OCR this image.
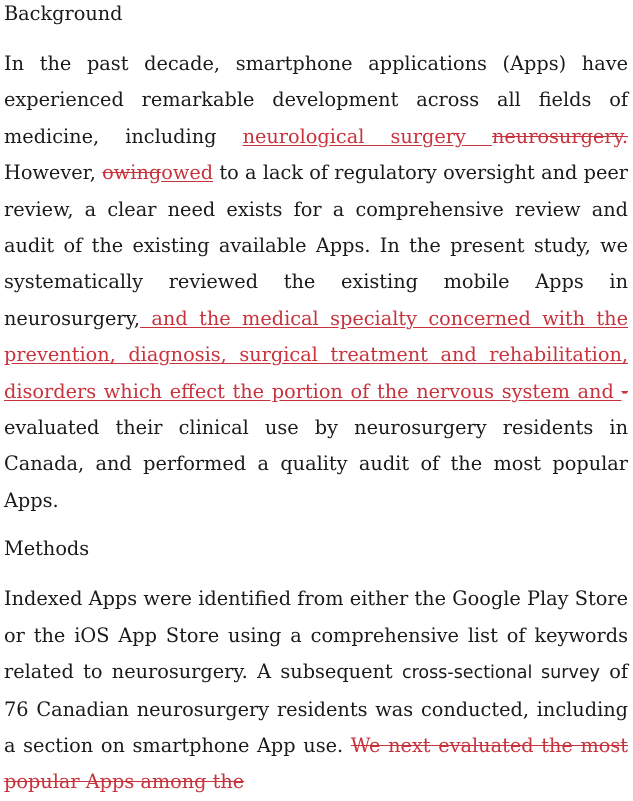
Background

In the past decade, smartphone applications (Apps) have experienced remarkable development across all fields of medicine, including neurological surgery neurosurgery. However, owingowed to a lack of regulatory oversight and peer review, a clear need exists for a comprehensive review and audit of the existing available Apps. In the present study, we systematically reviewed the existing mobile Apps in neurosurgery, and the medical specialty concerned with the prevention, diagnosis, surgical treatment and rehabilitation, disorders which effect the portion of the nervous system and -evaluated their clinical use by neurosurgery residents in Canada, and performed a quality audit of the most popular Apps.

Methods

Indexed Apps were identified from either the Google Play Store or the iOS App Store using a comprehensive list of keywords related to neurosurgery. A subsequent cross-sectional survey of 76 Canadian neurosurgery residents was conducted, including a section on smartphone App use. We next evaluated the most popular Apps among the
